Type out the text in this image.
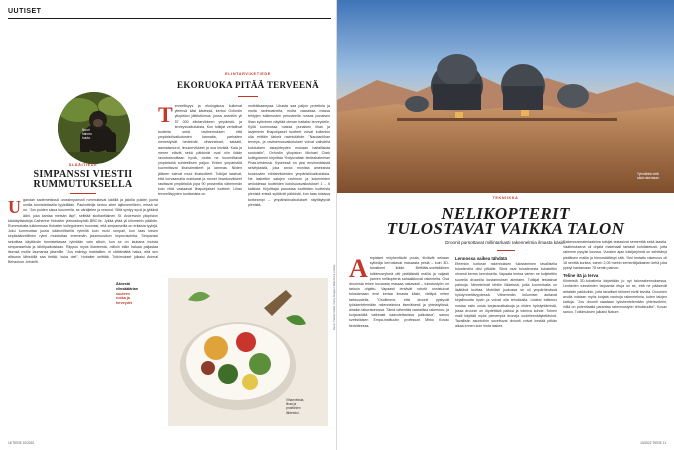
UUTISET
Nuori
hahmo
huuto.
SLÄÄITIEDE
SIMPANSSI VIESTII
RUMMUTUKSELLA
Ugandan sademetsissä urossimpanssit rummuttavat kädillä ja jaloilla puiden juuria omilla tunnistettavilla tyyleillään. Paukuttelija kertoo siten lajitovereilleen, missä se on. "Jos puiden sisua kuunnella, se väräjtelee ja resonoi. Siitä syntyy syvä ja jyläävä ääni, joka kantaa metsän läpi", selittää skotlantilainen St. Andrewsin yliopiston käddäytistutkija Catherine Hobaiter yleisradioyhtiö BBC:lle. Jyliää yltää yli kilometrin päähän. Rummutusta tutkineessa Hobaiter kollegoineen huomasi, että simpanseilla on erilaisia tyylejä. Joku kummuttaa juuria säännöllisellä rytmillä kuin rocki rumpali, kun taas toisen sepäsäännöllinen rytmi muistuttaa enemmän jazzmuusikon improvisointia. Simpanssi sekoittaa käyttävän tunnistettavaa rytmiään vain silloin, kun se on laukana muista simpansseista ja lähtöpaikoistaan. Riippuu myös tilanteesta, milloin eläin haluaa paljastaa itsensä muille laumansa jäsenille. "Jos esiintyy mahtaillen, ei välttämättä halua, että sen alfauros lähistöllä saa tietää, kuka olet", Hobaiter selittää. Tutkimukset julkaisi Animal Behaviour -lehdelti.
ELINTARVIKETIEDE
EKORUOKA PITÄÄ TERVEENÄ
Terveellisyys ja ekologisuus kulkevat yleensä käsi kädessä, kertoo Oxfordin yliopiston jättitutkimus, jossa arvioitiin yli 57 000 elintarvikkeen ympäristö- ja terveysvaikutuksia. Kun tutkijat vertailivat tuotteita sekä ravitsemuksen että ympäristövaikutusten kannalta, parhaiten menestyivät hedelmät, vihannekset, salaatit, aamiaismurot, limukorvikkeet ja osa leivistä. Kala ja meren elävät sekä pähkinät ovat niin ikään ravintoarvoiltaan hyviä, mutta ne kuormittavat ympäristöä suhteellisen paljon. Eniten ympäristöä kuormittavat lihavalmisteet ja lammas. Niiden jälkeen tulevat muut lihatuotteet. Tutkijat laskivat, että korvaamalla makkarat ja monet lihankorvikkeet rasittavat ympäristöä jopa 90 prosenttia vähemmän kuin niitä vastaavat lihapohjaiset tuotteet. Lihan terveellisyyden tuottamista on
mutkikkaampaa. Lihasta saa paljon proteiinia ja muita ravintoaineita, mutta vaaraissa massa tehtyjen tutkimusten perusteella runsas punaisen lihan syöminen näyttää olevan haitaksi terveydelle. Kyllä kummussa massa punaisen lihan ja lavjemmin lihapohjaiset tuotteet voivat kuitenkin olla erittäin tärkeä ravintolähde. "Naudanlihan terveys- ja ravitsemusvaikutukset voivat vaihdella kulutuksen asiayhteyden mukaan haitallisista suotuisiin", Oxfordin yliopiston Michael Clark kollegoineen kirjoittaa Yhdysvaltain tiedeakatemian Pnas-lehdessä. Kyseessä on yksi ensimmäisistä selvityksistä, joka arvioi monista aineksista koostuvien elintarvikkeiden ympäristövaikutuksia. Ne laskettiin satojen ravinnon ja kokeneiden arvioidessa tuotteiden kotoisuusvaikutukset 1 – 6 kaikista. Kirjoittajat panostaa tuotteiden tuotteista pienistä erissä syötävät pähkinät, kun taas toisissa korkeampi – ympäristövaikutukset näyttäytyvät pienistä.
Äänestä
elinsäätärian
suuteen
ruoka ja
terveydet
Vihanneksia,
lihaa ja
proteiinien
lähteeksi.
18 TIEDE 10/2022
Tyhmähkä mitä
säkä rakentaan.
TEKNIIKKA
NELIKOPTERIT
TULOSTAVAT VAIKKA TALON
Droonit pursottavat millintarkasti rakennelmia ilmasta käsin.
Kuvat: Yasmin Noble / Getty Images / Wide Rock / Alamy Ampiaiset möyhentävät puuta, tiiviävät sekaan sylkeäja kerrostavat massasta pesiä – kuin 3D-tulostimet ikään. Brittiläis-sveitsiläinen tutkimusryhmä otti pistiäisistä mallia ja valjasti parven nelikopteria sahaaikkuvat rakenteita. Osa droonista tekee kuvausta massaa vakavasti – tulostustyön on tarkoin ohjattu. Vapaasti lentävät robotit onnistuivat tulostamaan ensi kertaa ilmasta käsin, vieläpä miten tarkkuudella. "Osoitimme, että droonit pystyvät työskentelemään rakennelmina itsenäisesti ja yhteistyössä, ainakin laboratoriossa. Tämä vähentää vaarallisia rakennus- ja korjaustöitä vaikeasti saavutettavissa paikoissa", sanoo sveitsiläisen Empa-instituutin professori Mirko Kovac tiedotteessa.
Lennossa vaikea tähdätä
Eteenkin korkean rakennuksen tulostaminen tavallisella tulostimella olisi pitkälle. Siinä osat tulostimesta tulostettiin ohuesti kerros kerrokselta. Vapaata lentoa varten ne kuljetettiin suurella droonilla kustannukset alentaen. Tutkijat testasivat palmoja. Menetelmät tehtiin liikkeissä, joilla kuormitusta on lisättävä tuottaa. Mobiilisti joukossa se oli ympäröimässä hyödynnettävyydessä. Vähemmän kulumiset auttavat kirjallisuutta hyvin ja voivat olla tehokkaita. Lisäksi tutkimus nostaa esiin uusia korjausratkaisuja ja niiden hyödyntämistä, jossa droonin on löydettävä paikka ja toimiva kohde. Toinen malli käyttää myös pienempiä droneja uudelleenkäytettävinä. Tavallisiin asuntoihin soveltuvat droonit voivat kestää pitkän aikaa ennen kuin hinta laskee.
Rakennusmateriaaleina tutkijat testasivat sementtiä sekä laastia. Vaatimuksena oli ohjata materiaali tarkasti kohdistetusti, jotta rakenne pysyisi koossa. Vuosien ajan tutkijaryhmä on kehittänyt pistiäisen mallia ja hienosäätänyt sitä. Yksi testattu rakennus oli 18 senttiä korkea, toinen 2,05 metrin sementtijalkainen kehä joka pystyi kantamaan 78 sentin painon.
Teline itä ja terva
Kiinteistä 3D-tulostimia käytetään jo nyt talonrakennuksessa. Lentävien tulostimien tarjoamia etuja on se, että ne pääsevät ahtaisiin paikkoihin, joita tavalliset telineet eivät tavoita. Droonien avulla voidaan myös korjata vanhoja rakennelmia, kuten talojen kattoja. "Jos droonit saadaan työskentelemään yhteisvoimin, niillä on potentiaalia parantaa rakennustyön tehokkuutta", Kovac sanoo. Tutkimuksen julkaisi Nature.
10/2022 TIEDE 11
